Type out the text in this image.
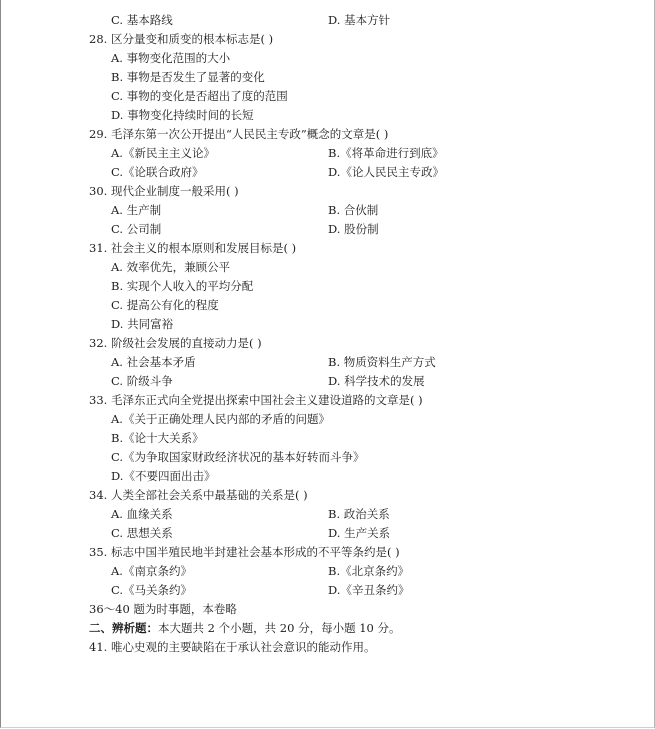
C. 基本路线	D. 基本方针
28. 区分量变和质变的根本标志是( )
A. 事物变化范围的大小
B. 事物是否发生了显著的变化
C. 事物的变化是否超出了度的范围
D. 事物变化持续时间的长短
29. 毛泽东第一次公开提出“人民民主专政”概念的文章是( )
A.《新民主主义论》	B.《将革命进行到底》
C.《论联合政府》	D.《论人民民主专政》
30. 现代企业制度一般采用( )
A. 生产制	B. 合伙制
C. 公司制	D. 股份制
31. 社会主义的根本原则和发展目标是( )
A. 效率优先，兼顾公平
B. 实现个人收入的平均分配
C. 提高公有化的程度
D. 共同富裕
32. 阶级社会发展的直接动力是( )
A. 社会基本矛盾	B. 物质资料生产方式
C. 阶级斗争	D. 科学技术的发展
33. 毛泽东正式向全党提出探索中国社会主义建设道路的文章是( )
A.《关于正确处理人民内部的矛盾的问题》
B.《论十大关系》
C.《为争取国家财政经济状况的基本好转而斗争》
D.《不要四面出击》
34. 人类全部社会关系中最基础的关系是( )
A. 血缘关系	B. 政治关系
C. 思想关系	D. 生产关系
35. 标志中国半殖民地半封建社会基本形成的不平等条约是( )
A.《南京条约》	B.《北京条约》
C.《马关条约》	D.《辛丑条约》
36～40 题为时事题，本卷略
二、辨析题：本大题共 2 个小题，共 20 分，每小题 10 分。
41. 唯心史观的主要缺陷在于承认社会意识的能动作用。
